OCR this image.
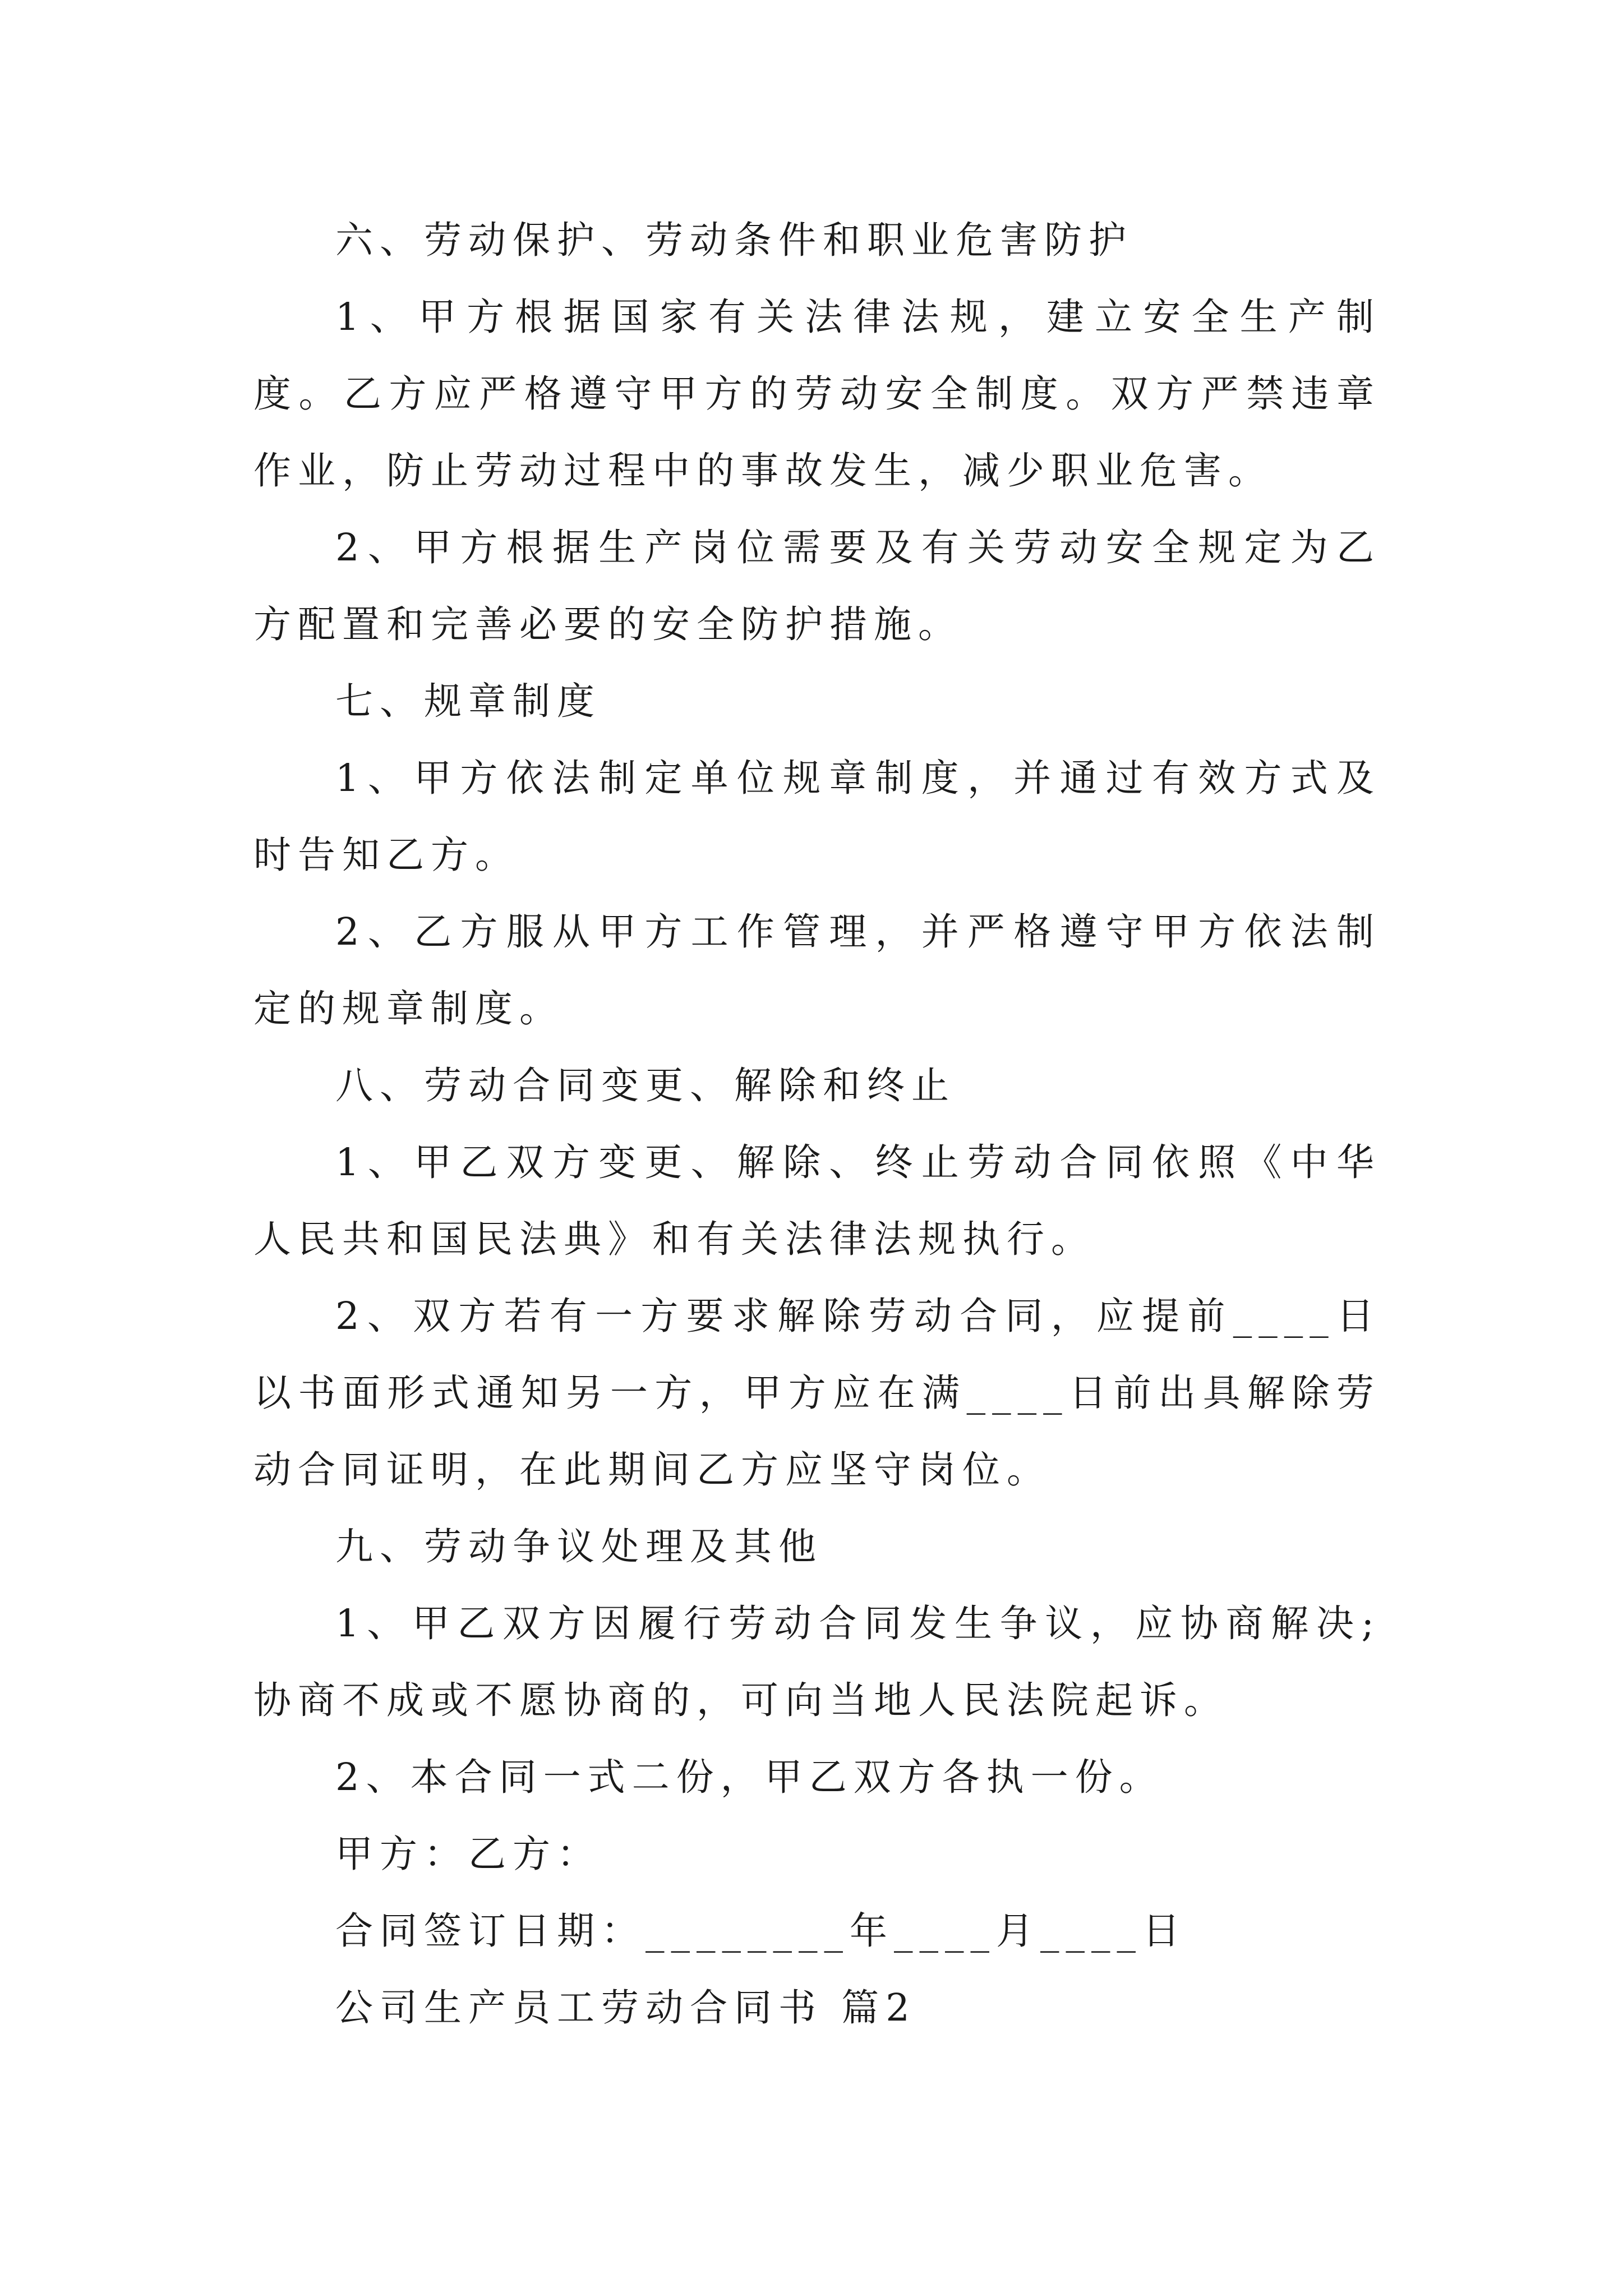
六、劳动保护、劳动条件和职业危害防护

1、甲方根据国家有关法律法规，建立安全生产制度。乙方应严格遵守甲方的劳动安全制度。双方严禁违章作业，防止劳动过程中的事故发生，减少职业危害。

2、甲方根据生产岗位需要及有关劳动安全规定为乙方配置和完善必要的安全防护措施。

七、规章制度

1、甲方依法制定单位规章制度，并通过有效方式及时告知乙方。

2、乙方服从甲方工作管理，并严格遵守甲方依法制定的规章制度。

八、劳动合同变更、解除和终止

1、甲乙双方变更、解除、终止劳动合同依照《中华人民共和国民法典》和有关法律法规执行。

2、双方若有一方要求解除劳动合同，应提前____日以书面形式通知另一方，甲方应在满____日前出具解除劳动合同证明，在此期间乙方应坚守岗位。

九、劳动争议处理及其他

1、甲乙双方因履行劳动合同发生争议，应协商解决;协商不成或不愿协商的，可向当地人民法院起诉。

2、本合同一式二份，甲乙双方各执一份。

甲方：乙方：

合同签订日期：________年____月____日

公司生产员工劳动合同书 篇2
